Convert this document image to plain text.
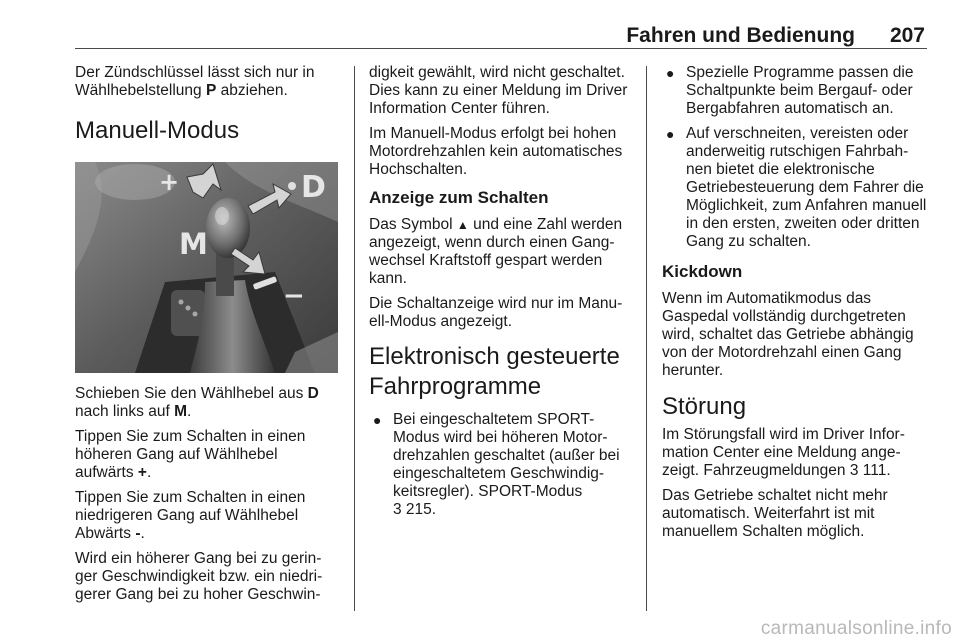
Fahren und Bedienung 207

Der Zündschlüssel lässt sich nur in Wählhebelstellung P abziehen.

Manuell-Modus
+	D
M
−

Schieben Sie den Wählhebel aus D nach links auf M.

Tippen Sie zum Schalten in einen höheren Gang auf Wählhebel aufwärts +.

Tippen Sie zum Schalten in einen niedrigeren Gang auf Wählhebel Abwärts -.

Wird ein höherer Gang bei zu gerin-ger Geschwindigkeit bzw. ein niedri-gerer Gang bei zu hoher Geschwin-

digkeit gewählt, wird nicht geschaltet. Dies kann zu einer Meldung im Driver Information Center führen.

Im Manuell-Modus erfolgt bei hohen Motordrehzahlen kein automatisches Hochschalten.

Anzeige zum Schalten

Das Symbol ▲ und eine Zahl werden angezeigt, wenn durch einen Gang-wechsel Kraftstoff gespart werden kann.

Die Schaltanzeige wird nur im Manu-ell-Modus angezeigt.

Elektronisch gesteuerte Fahrprogramme
● Bei eingeschaltetem SPORT-Modus wird bei höheren Motor-drehzahlen geschaltet (außer bei eingeschaltetem Geschwindig-keitsregler). SPORT-Modus
3 215.
● Spezielle Programme passen die Schaltpunkte beim Bergauf- oder Bergabfahren automatisch an.
● Auf verschneiten, vereisten oder anderweitig rutschigen Fahrbah-nen bietet die elektronische Getriebesteuerung dem Fahrer die Möglichkeit, zum Anfahren manuell in den ersten, zweiten oder dritten Gang zu schalten.
Kickdown

Wenn im Automatikmodus das Gaspedal vollständig durchgetreten wird, schaltet das Getriebe abhängig von der Motordrehzahl einen Gang herunter.

Störung

Im Störungsfall wird im Driver Infor-mation Center eine Meldung ange-zeigt. Fahrzeugmeldungen 3 111.

Das Getriebe schaltet nicht mehr automatisch. Weiterfahrt ist mit manuellem Schalten möglich.

carmanualsonline.info
